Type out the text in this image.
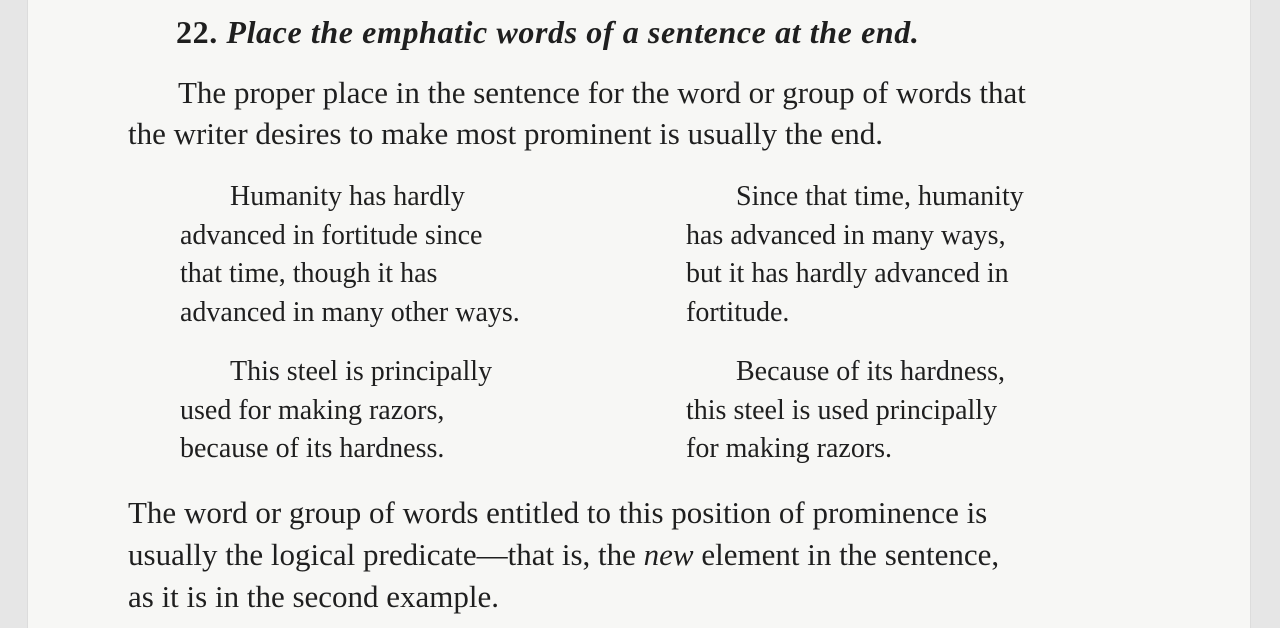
22. Place the emphatic words of a sentence at the end.
The proper place in the sentence for the word or group of words that
the writer desires to make most prominent is usually the end.
Humanity has hardly
advanced in fortitude since
that time, though it has
advanced in many other ways.
Since that time, humanity
has advanced in many ways,
but it has hardly advanced in
fortitude.
This steel is principally
used for making razors,
because of its hardness.
Because of its hardness,
this steel is used principally
for making razors.
The word or group of words entitled to this position of prominence is
usually the logical predicate—that is, the new element in the sentence,
as it is in the second example.
